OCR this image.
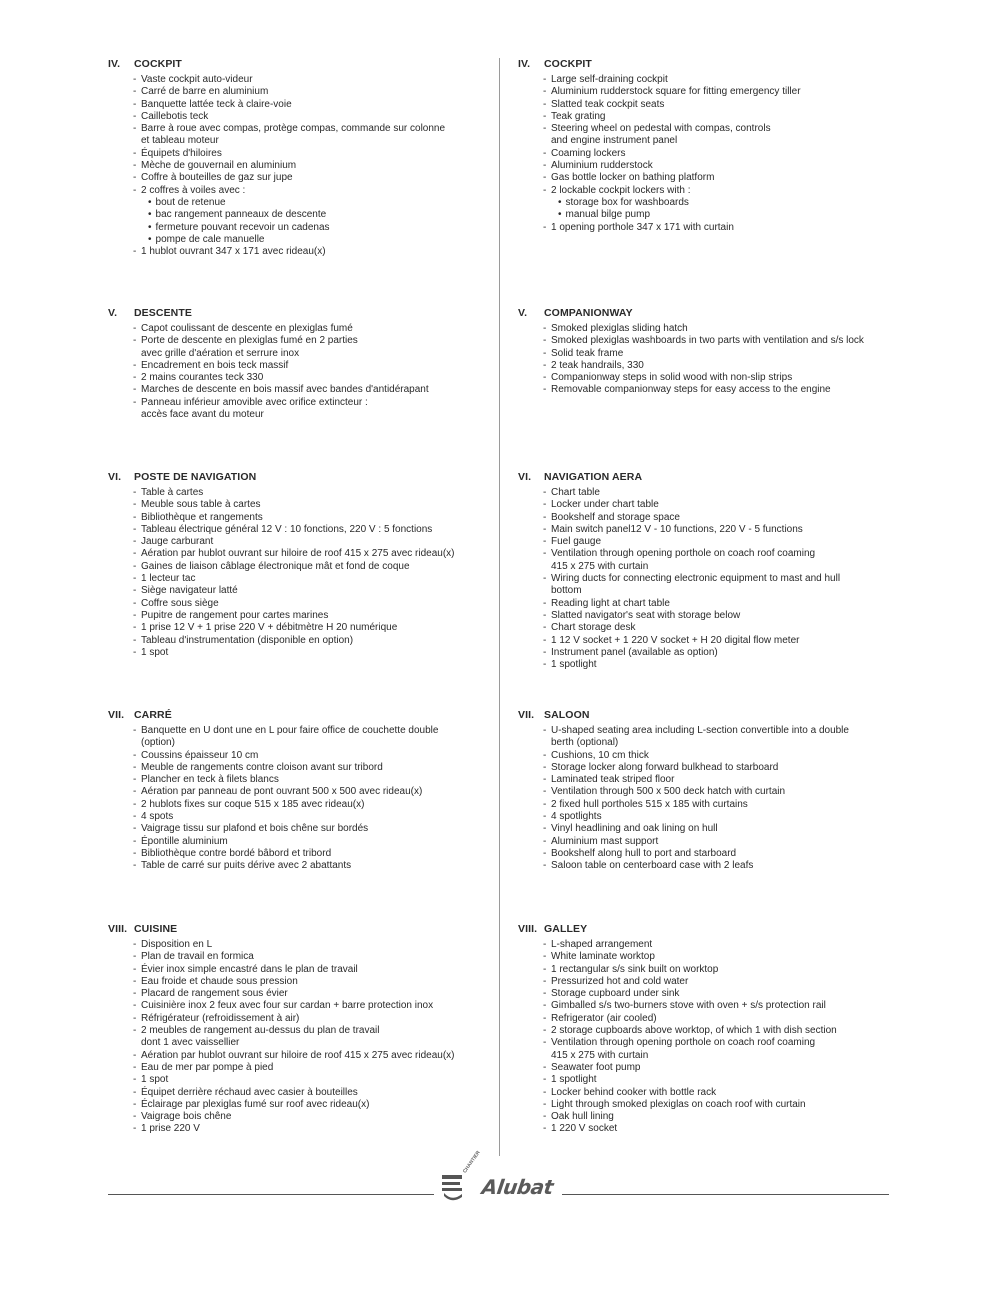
IV. COCKPIT
- Vaste cockpit auto-videur
- Carré de barre en aluminium
- Banquette lattée teck à claire-voie
- Caillebotis teck
- Barre à roue avec compas, protège compas, commande sur colonne
et tableau moteur
- Équipets d'hiloires
- Mèche de gouvernail en aluminium
- Coffre à bouteilles de gaz sur jupe
- 2 coffres à voiles avec :
• bout de retenue
• bac rangement panneaux de descente
• fermeture pouvant recevoir un cadenas
• pompe de cale manuelle
- 1 hublot ouvrant 347 x 171 avec rideau(x)
V. DESCENTE
- Capot coulissant de descente en plexiglas fumé
- Porte de descente en plexiglas fumé en 2 parties
avec grille d'aération et serrure inox
- Encadrement en bois teck massif
- 2 mains courantes teck 330
- Marches de descente en bois massif avec bandes d'antidérapant
- Panneau inférieur amovible avec orifice extincteur :
accès face avant du moteur
VI. POSTE DE NAVIGATION
- Table à cartes
- Meuble sous table à cartes
- Bibliothèque et rangements
- Tableau électrique général 12 V : 10 fonctions, 220 V : 5 fonctions
- Jauge carburant
- Aération par hublot ouvrant sur hiloire de roof 415 x 275 avec rideau(x)
- Gaines de liaison câblage électronique mât et fond de coque
- 1 lecteur tac
- Siège navigateur latté
- Coffre sous siège
- Pupitre de rangement pour cartes marines
- 1 prise 12 V + 1 prise 220 V + débitmètre H 20 numérique
- Tableau d'instrumentation (disponible en option)
- 1 spot
VII. CARRÉ
- Banquette en U dont une en L pour faire office de couchette double
(option)
- Coussins épaisseur 10 cm
- Meuble de rangements contre cloison avant sur tribord
- Plancher en teck à filets blancs
- Aération par panneau de pont ouvrant 500 x 500 avec rideau(x)
- 2 hublots fixes sur coque 515 x 185 avec rideau(x)
- 4 spots
- Vaigrage tissu sur plafond et bois chêne sur bordés
- Épontille aluminium
- Bibliothèque contre bordé bâbord et tribord
- Table de carré sur puits dérive avec 2 abattants
VIII. CUISINE
- Disposition en L
- Plan de travail en formica
- Évier inox simple encastré dans le plan de travail
- Eau froide et chaude sous pression
- Placard de rangement sous évier
- Cuisinière inox 2 feux avec four sur cardan + barre protection inox
- Réfrigérateur (refroidissement à air)
- 2 meubles de rangement au-dessus du plan de travail
dont 1 avec vaissellier
- Aération par hublot ouvrant sur hiloire de roof 415 x 275 avec rideau(x)
- Eau de mer par pompe à pied
- 1 spot
- Équipet derrière réchaud avec casier à bouteilles
- Éclairage par plexiglas fumé sur roof avec rideau(x)
- Vaigrage bois chêne
- 1 prise 220 V
IV. COCKPIT
- Large self-draining cockpit
- Aluminium rudderstock square for fitting emergency tiller
- Slatted teak cockpit seats
- Teak grating
- Steering wheel on pedestal with compas, controls
and engine instrument panel
- Coaming lockers
- Aluminium rudderstock
- Gas bottle locker on bathing platform
- 2 lockable cockpit lockers with :
• storage box for washboards
• manual bilge pump
- 1 opening porthole 347 x 171 with curtain
V. COMPANIONWAY
- Smoked plexiglas sliding hatch
- Smoked plexiglas washboards in two parts with ventilation and s/s lock
- Solid teak frame
- 2 teak handrails, 330
- Companionway steps in solid wood with non-slip strips
- Removable companionway steps for easy access to the engine
VI. NAVIGATION AERA
- Chart table
- Locker under chart table
- Bookshelf and storage space
- Main switch panel12 V - 10 functions, 220 V - 5 functions
- Fuel gauge
- Ventilation through opening porthole on coach roof coaming
415 x 275 with curtain
- Wiring ducts for connecting electronic equipment to mast and hull
bottom
- Reading light at chart table
- Slatted navigator's seat with storage below
- Chart storage desk
- 1 12 V socket + 1 220 V socket + H 20 digital flow meter
- Instrument panel (available as option)
- 1 spotlight
VII. SALOON
- U-shaped seating area including L-section convertible into a double
berth (optional)
- Cushions, 10 cm thick
- Storage locker along forward bulkhead to starboard
- Laminated teak striped floor
- Ventilation through 500 x 500 deck hatch with curtain
- 2 fixed hull portholes 515 x 185 with curtains
- 4 spotlights
- Vinyl headlining and oak lining on hull
- Aluminium mast support
- Bookshelf along hull to port and starboard
- Saloon table on centerboard case with 2 leafs
VIII. GALLEY
- L-shaped arrangement
- White laminate worktop
- 1 rectangular s/s sink built on worktop
- Pressurized hot and cold water
- Storage cupboard under sink
- Gimballed s/s two-burners stove with oven + s/s protection rail
- Refrigerator (air cooled)
- 2 storage cupboards above worktop, of which 1 with dish section
- Ventilation through opening porthole on coach roof coaming
415 x 275 with curtain
- Seawater foot pump
- 1 spotlight
- Locker behind cooker with bottle rack
- Light through smoked plexiglas on coach roof with curtain
- Oak hull lining
- 1 220 V socket
CHANTIER
Alubat
